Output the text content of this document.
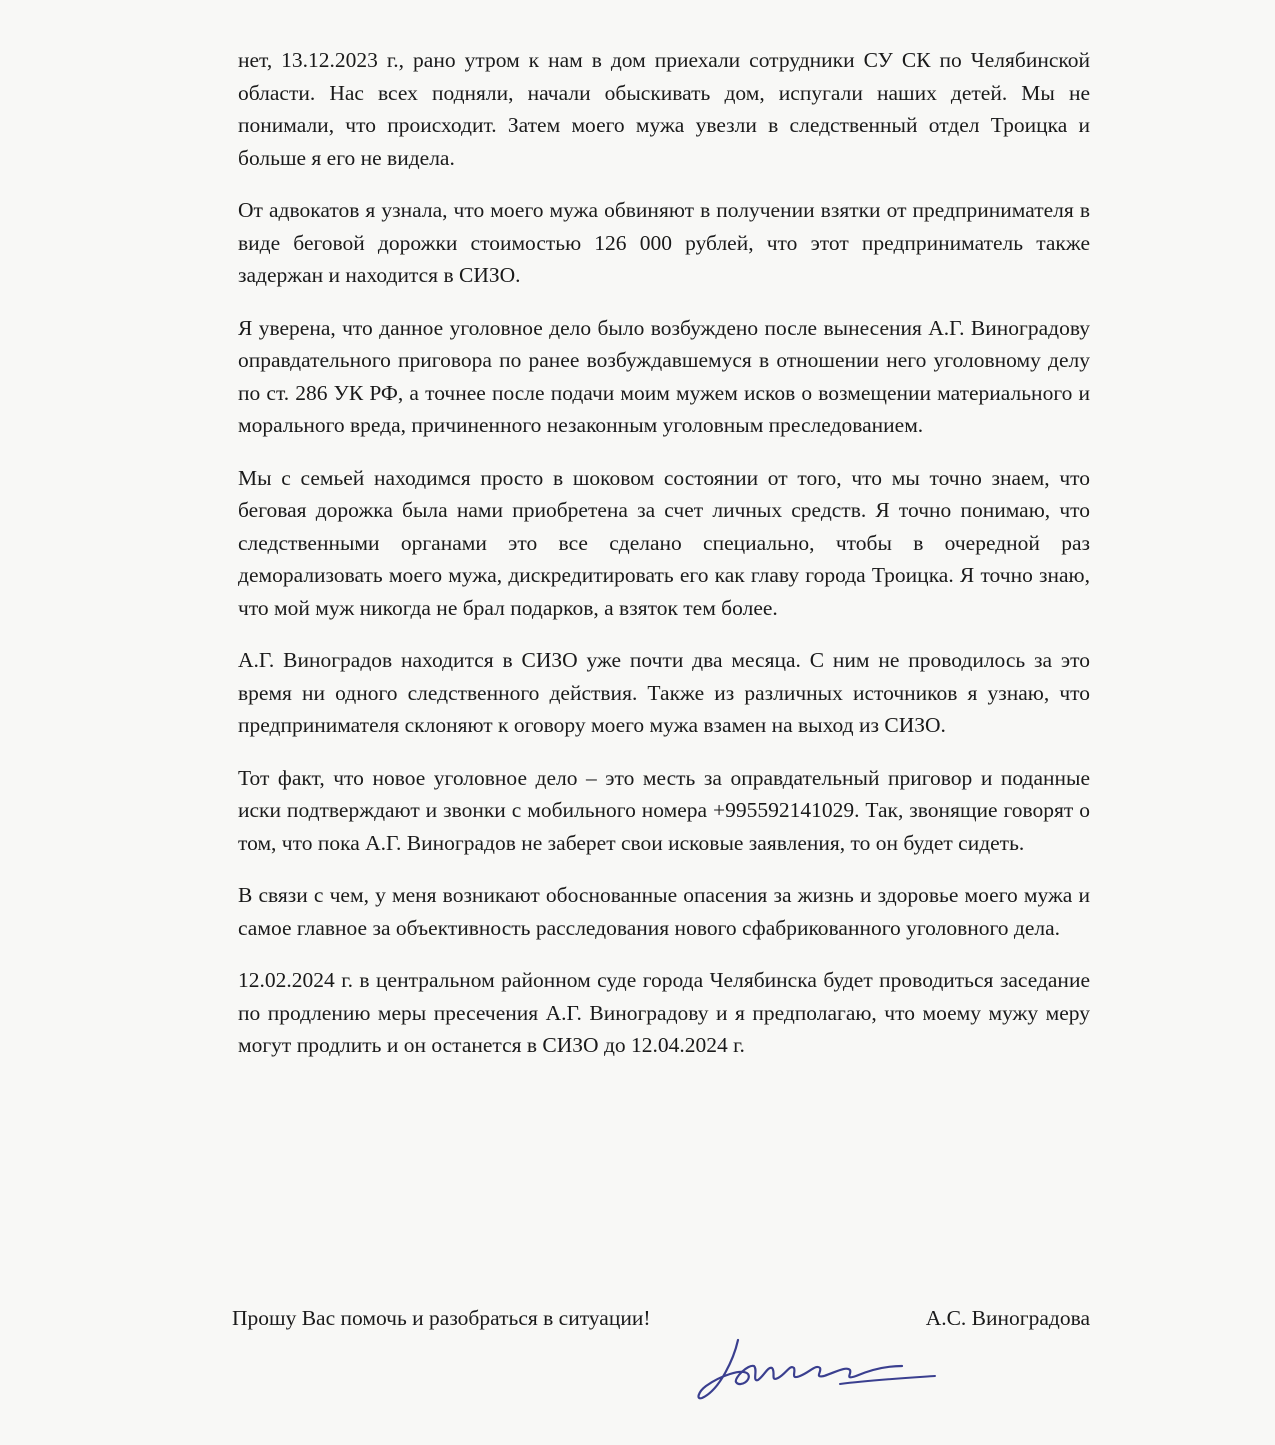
нет, 13.12.2023 г., рано утром к нам в дом приехали сотрудники СУ СК по Челябинской области. Нас всех подняли, начали обыскивать дом, испугали наших детей. Мы не понимали, что происходит. Затем моего мужа увезли в следственный отдел Троицка и больше я его не видела.

От адвокатов я узнала, что моего мужа обвиняют в получении взятки от предпринимателя в виде беговой дорожки стоимостью 126 000 рублей, что этот предприниматель также задержан и находится в СИЗО.

Я уверена, что данное уголовное дело было возбуждено после вынесения А.Г. Виноградову оправдательного приговора по ранее возбуждавшемуся в отношении него уголовному делу по ст. 286 УК РФ, а точнее после подачи моим мужем исков о возмещении материального и морального вреда, причиненного незаконным уголовным преследованием.

Мы с семьей находимся просто в шоковом состоянии от того, что мы точно знаем, что беговая дорожка была нами приобретена за счет личных средств. Я точно понимаю, что следственными органами это все сделано специально, чтобы в очередной раз деморализовать моего мужа, дискредитировать его как главу города Троицка. Я точно знаю, что мой муж никогда не брал подарков, а взяток тем более.

А.Г. Виноградов находится в СИЗО уже почти два месяца. С ним не проводилось за это время ни одного следственного действия. Также из различных источников я узнаю, что предпринимателя склоняют к оговору моего мужа взамен на выход из СИЗО.

Тот факт, что новое уголовное дело – это месть за оправдательный приговор и поданные иски подтверждают и звонки с мобильного номера +995592141029. Так, звонящие говорят о том, что пока А.Г. Виноградов не заберет свои исковые заявления, то он будет сидеть.

В связи с чем, у меня возникают обоснованные опасения за жизнь и здоровье моего мужа и самое главное за объективность расследования нового сфабрикованного уголовного дела.

12.02.2024 г. в центральном районном суде города Челябинска будет проводиться заседание по продлению меры пресечения А.Г. Виноградову и я предполагаю, что моему мужу меру могут продлить и он останется в СИЗО до 12.04.2024 г.

Прошу Вас помочь и разобраться в ситуации!	А.С. Виноградова
